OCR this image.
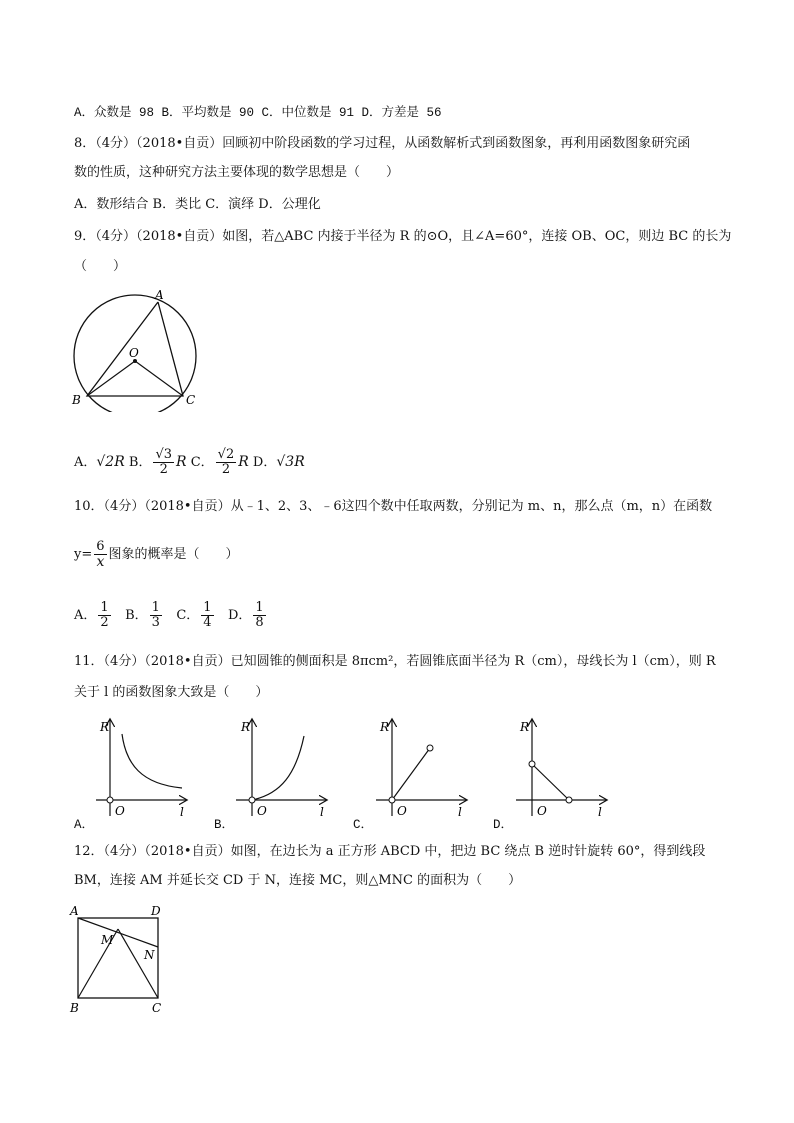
A．众数是 98 B．平均数是 90 C．中位数是 91 D．方差是 56
8．（4分）（2018•自贡）回顾初中阶段函数的学习过程，从函数解析式到函数图象，再利用函数图象研究函
数的性质，这种研究方法主要体现的数学思想是（　　）
A．数形结合 B．类比 C．演绎 D．公理化
9．（4分）（2018•自贡）如图，若△ABC 内接于半径为 R 的⊙O，且∠A=60°，连接 OB、OC，则边 BC 的长为
（　　）
A
O
B	C
A．√2R B． $\frac{√3}{2}$ R C． $\frac{√2}{2}$ R D．√3R
10．（4分）（2018•自贡）从﹣1、2、3、﹣6这四个数中任取两数，分别记为 m、n，那么点（m，n）在函数
$y= \frac{6}{x}$ 图象的概率是（　　）
A． $\frac{1}{2}$ B． $\frac{1}{3}$ C． $\frac{1}{4}$ D． $\frac{1}{8}$
11．（4分）（2018•自贡）已知圆锥的侧面积是 8πcm²，若圆锥底面半径为 R（cm），母线长为 l（cm），则 R
关于 l 的函数图象大致是（　　）
R
O	l
R
O	l
R
O	l
R
O	l
A．	B．	C．	D．
12．（4分）（2018•自贡）如图，在边长为 a 正方形 ABCD 中，把边 BC 绕点 B 逆时针旋转 60°，得到线段
BM，连接 AM 并延长交 CD 于 N，连接 MC，则△MNC 的面积为（　　）
A	D
M
N
B	C
